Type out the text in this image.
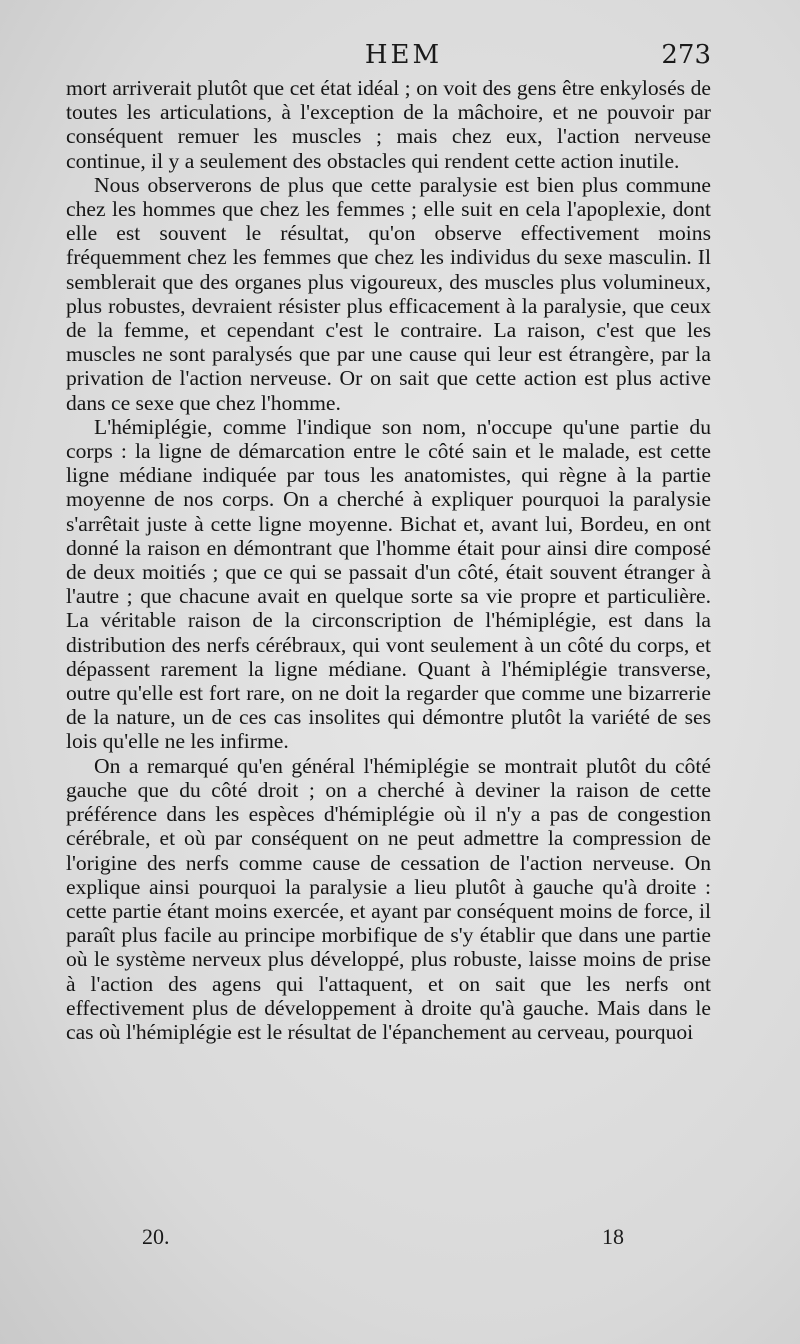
HEM	273

mort arriverait plutôt que cet état idéal ; on voit des gens être enkylosés de toutes les articulations, à l'exception de la mâchoire, et ne pouvoir par conséquent remuer les muscles ; mais chez eux, l'action nerveuse continue, il y a seulement des obstacles qui rendent cette action inutile.

Nous observerons de plus que cette paralysie est bien plus commune chez les hommes que chez les femmes ; elle suit en cela l'apoplexie, dont elle est souvent le résultat, qu'on observe effectivement moins fréquemment chez les femmes que chez les individus du sexe masculin. Il semblerait que des organes plus vigoureux, des muscles plus volumineux, plus robustes, devraient résister plus efficacement à la paralysie, que ceux de la femme, et cependant c'est le contraire. La raison, c'est que les muscles ne sont paralysés que par une cause qui leur est étrangère, par la privation de l'action nerveuse. Or on sait que cette action est plus active dans ce sexe que chez l'homme.

L'hémiplégie, comme l'indique son nom, n'occupe qu'une partie du corps : la ligne de démarcation entre le côté sain et le malade, est cette ligne médiane indiquée par tous les anatomistes, qui règne à la partie moyenne de nos corps. On a cherché à expliquer pourquoi la paralysie s'arrêtait juste à cette ligne moyenne. Bichat et, avant lui, Bordeu, en ont donné la raison en démontrant que l'homme était pour ainsi dire composé de deux moitiés ; que ce qui se passait d'un côté, était souvent étranger à l'autre ; que chacune avait en quelque sorte sa vie propre et particulière. La véritable raison de la circonscription de l'hémiplégie, est dans la distribution des nerfs cérébraux, qui vont seulement à un côté du corps, et dépassent rarement la ligne médiane. Quant à l'hémiplégie transverse, outre qu'elle est fort rare, on ne doit la regarder que comme une bizarrerie de la nature, un de ces cas insolites qui démontre plutôt la variété de ses lois qu'elle ne les infirme.

On a remarqué qu'en général l'hémiplégie se montrait plutôt du côté gauche que du côté droit ; on a cherché à deviner la raison de cette préférence dans les espèces d'hémiplégie où il n'y a pas de congestion cérébrale, et où par conséquent on ne peut admettre la compression de l'origine des nerfs comme cause de cessation de l'action nerveuse. On explique ainsi pourquoi la paralysie a lieu plutôt à gauche qu'à droite : cette partie étant moins exercée, et ayant par conséquent moins de force, il paraît plus facile au principe morbifique de s'y établir que dans une partie où le système nerveux plus développé, plus robuste, laisse moins de prise à l'action des agens qui l'attaquent, et on sait que les nerfs ont effectivement plus de développement à droite qu'à gauche. Mais dans le cas où l'hémiplégie est le résultat de l'épanchement au cerveau, pourquoi

20.	18
